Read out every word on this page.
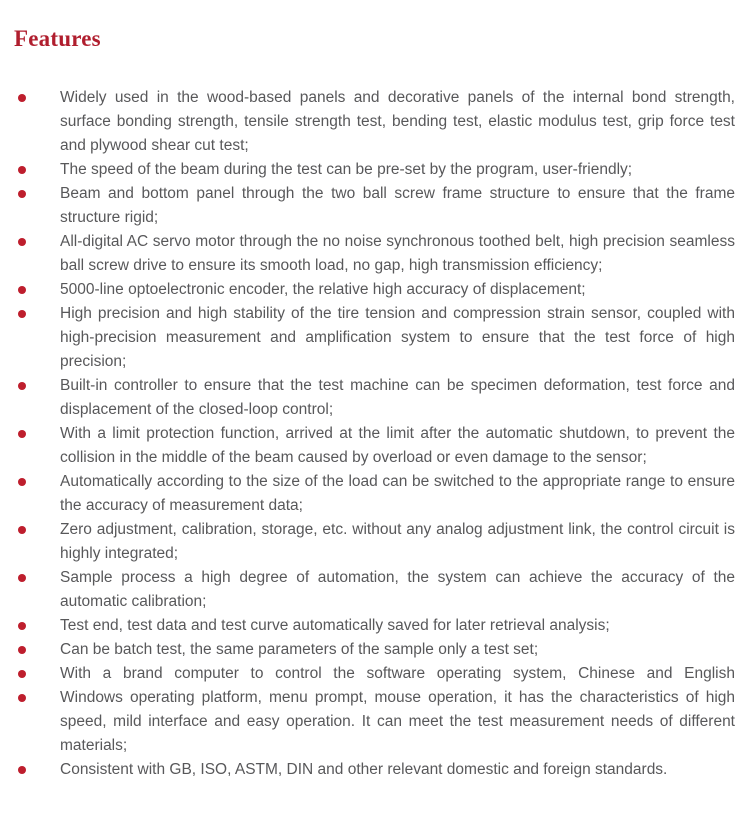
Features
Widely used in the wood-based panels and decorative panels of the internal bond strength, surface bonding strength, tensile strength test, bending test, elastic modulus test, grip force test and plywood shear cut test;
The speed of the beam during the test can be pre-set by the program, user-friendly;
Beam and bottom panel through the two ball screw frame structure to ensure that the frame structure rigid;
All-digital AC servo motor through the no noise synchronous toothed belt, high precision seamless ball screw drive to ensure its smooth load, no gap, high transmission efficiency;
5000-line optoelectronic encoder, the relative high accuracy of displacement;
High precision and high stability of the tire tension and compression strain sensor, coupled with high-precision measurement and amplification system to ensure that the test force of high precision;
Built-in controller to ensure that the test machine can be specimen deformation, test force and displacement of the closed-loop control;
With a limit protection function, arrived at the limit after the automatic shutdown, to prevent the collision in the middle of the beam caused by overload or even damage to the sensor;
Automatically according to the size of the load can be switched to the appropriate range to ensure the accuracy of measurement data;
Zero adjustment, calibration, storage, etc. without any analog adjustment link, the control circuit is highly integrated;
Sample process a high degree of automation, the system can achieve the accuracy of the automatic calibration;
Test end, test data and test curve automatically saved for later retrieval analysis;
Can be batch test, the same parameters of the sample only a test set;
With a brand computer to control the software operating system, Chinese and English
Windows operating platform, menu prompt, mouse operation, it has the characteristics of high speed, mild interface and easy operation. It can meet the test measurement needs of different materials;
Consistent with GB, ISO, ASTM, DIN and other relevant domestic and foreign standards.
